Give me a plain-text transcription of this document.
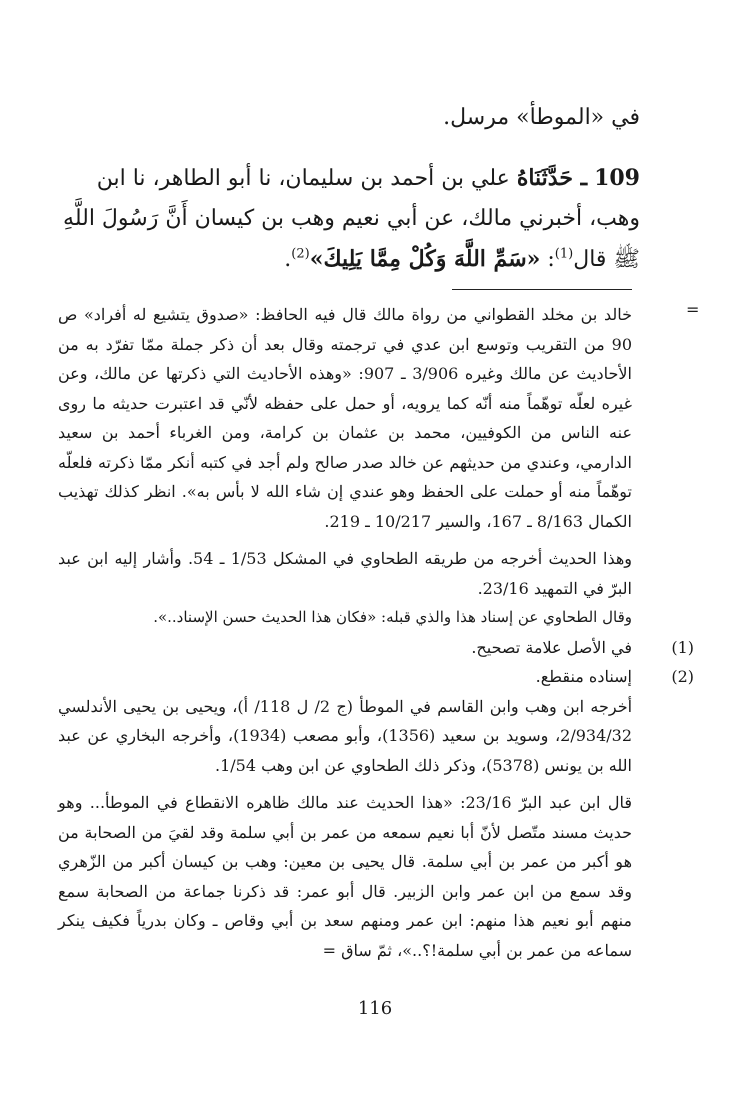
في «الموطأ» مرسل.
109 ـ حَدَّثَنَاهُ علي بن أحمد بن سليمان، نا أبو الطاهر، نا ابن وهب، أخبرني مالك، عن أبي نعيم وهب بن كيسان أَنَّ رَسُولَ اللَّهِ ﷺ قال$^{(1)}$: «سَمِّ اللَّهَ وَكُلْ مِمَّا يَلِيكَ»$^{(2)}$.
=

خالد بن مخلد القطواني من رواة مالك قال فيه الحافظ: «صدوق يتشيع له أفراد» ص 90 من التقريب وتوسع ابن عدي في ترجمته وقال بعد أن ذكر جملة ممّا تفرّد به من الأحاديث عن مالك وغيره 3/906 ـ 907: «وهذه الأحاديث التي ذكرتها عن مالك، وعن غيره لعلّه توهّماً منه أنّه كما يرويه، أو حمل على حفظه لأنّي قد اعتبرت حديثه ما روى عنه الناس من الكوفيين، محمد بن عثمان بن كرامة، ومن الغرباء أحمد بن سعيد الدارمي، وعندي من حديثهم عن خالد صدر صالح ولم أجد في كتبه أنكر ممّا ذكرته فلعلّه توهّماً منه أو حملت على الحفظ وهو عندي إن شاء الله لا بأس به». انظر كذلك تهذيب الكمال 8/163 ـ 167، والسير 10/217 ـ 219.

وهذا الحديث أخرجه من طريقه الطحاوي في المشكل 1/53 ـ 54. وأشار إليه ابن عبد البرّ في التمهيد 23/16.

وقال الطحاوي عن إسناد هذا والذي قبله: «فكان هذا الحديث حسن الإسناد..».

(1)
في الأصل علامة تصحيح.

(2)
إسناده منقطع.

أخرجه ابن وهب وابن القاسم في الموطأ (ج 2/ ل 118/ أ)، ويحيى بن يحيى الأندلسي 2/934/32، وسويد بن سعيد (1356)، وأبو مصعب (1934)، وأخرجه البخاري عن عبد الله بن يونس (5378)، وذكر ذلك الطحاوي عن ابن وهب 1/54.

قال ابن عبد البرّ 23/16: «هذا الحديث عند مالك ظاهره الانقطاع في الموطأ... وهو حديث مسند متّصل لأنّ أبا نعيم سمعه من عمر بن أبي سلمة وقد لقيَ من الصحابة من هو أكبر من عمر بن أبي سلمة. قال يحيى بن معين: وهب بن كيسان أكبر من الزّهري وقد سمع من ابن عمر وابن الزبير. قال أبو عمر: قد ذكرنا جماعة من الصحابة سمع منهم أبو نعيم هذا منهم: ابن عمر ومنهم سعد بن أبي وقاص ـ وكان بدرياً فكيف ينكر سماعه من عمر بن أبي سلمة!؟..»، ثمّ ساق =

116
